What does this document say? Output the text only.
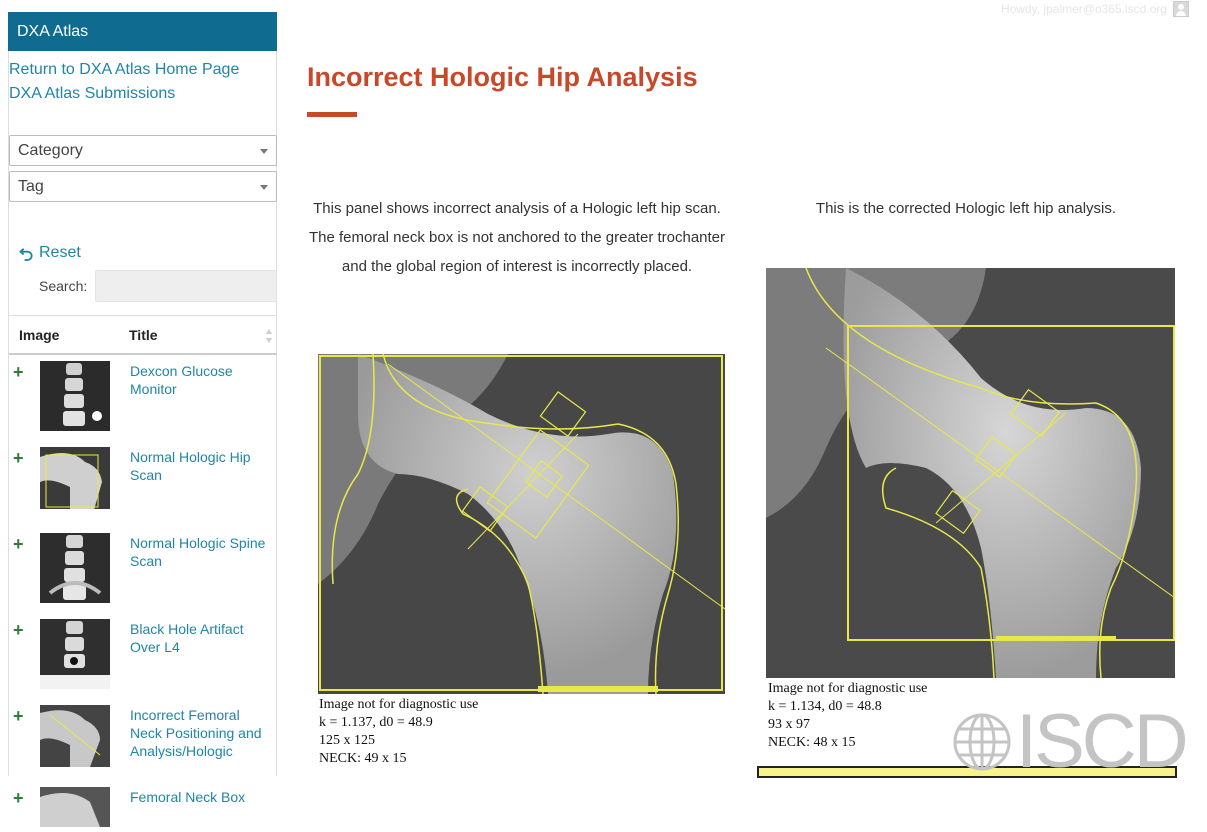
Howdy, jpalmer@o365.iscd.org
DXA Atlas
Return to DXA Atlas Home Page
DXA Atlas Submissions
Category
Tag
Reset
Search:
Image	Title
+	Dexcon Glucose Monitor
+	Normal Hologic Hip Scan
+	Normal Hologic Spine Scan
+	Black Hole Artifact Over L4
+	Incorrect Femoral Neck Positioning and Analysis/Hologic
+	Femoral Neck Box
Incorrect Hologic Hip Analysis

This panel shows incorrect analysis of a Hologic left hip scan. The femoral neck box is not anchored to the greater trochanter and the global region of interest is incorrectly placed.

This is the corrected Hologic left hip analysis.

Image not for diagnostic use
k = 1.137, d0 = 48.9
125 x 125
NECK: 49 x 15
Image not for diagnostic use
k = 1.134, d0 = 48.8
93 x 97
NECK: 48 x 15	ISCD
